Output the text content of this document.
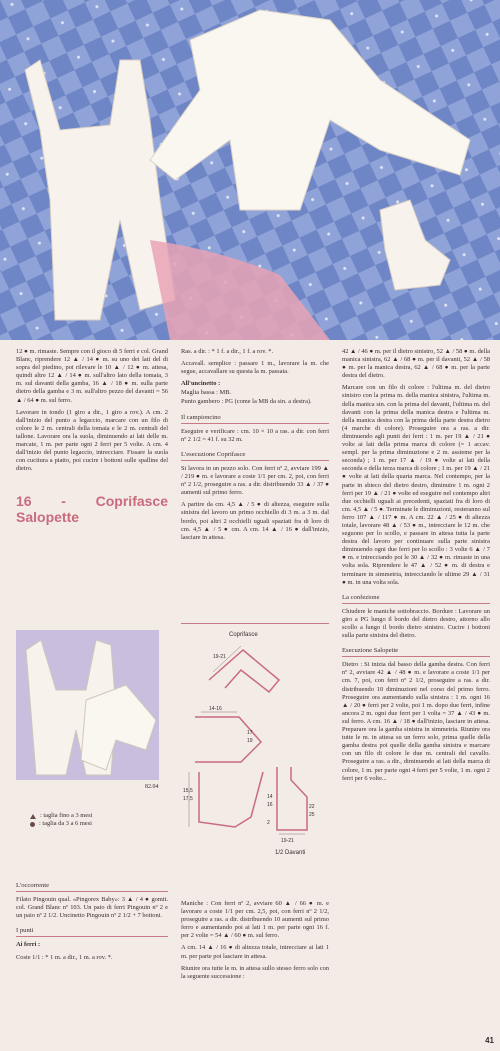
12 ● m. rimaste. Sempre con il gioco di 5 ferri e col. Grand Blanc, riprendere 12 ▲ / 14 ● m. su uno dei lati del di sopra del piedino, poi rilevare le 10 ▲ / 12 ● m. attesa, quindi altre 12 ▲ / 14 ● m. sull'altro lato della tomaia, 3 m. sul davanti della gamba, 16 ▲ / 18 ● m. sulla parte dietro della gamba e 3 m. sull'altro pezzo del davanti = 56 ▲ / 64 ● m. sul ferro.

Lavorare in tondo (1 giro a dir., 1 giro a rov.). A cm. 2 dall'inizio del punto a legaccio, marcare con un filo di colore le 2 m. centrali della tomaia e le 2 m. centrali del tallone. Lavorare ora la suola, diminuendo ai lati delle m. marcate, 1 m. per parte ogni 2 ferri per 5 volte. A cm. 4 dall'inizio del punto legaccio, intrecciare. Fissare la suola con cucitura a piatto, poi cucire i bottoni sulle spalline del dietro.

16 - Coprifasce Salopette
82.04
: taglia fino a 3 mesi
: taglia da 3 a 6 mesi
L'occorrente

Filato Pingouin qual. «Pingorex Baby»: 3 ▲ / 4 ● gomit. col. Grand Blanc nº 103. Un paio di ferri Pingouin nº 2 e un paio nº 2 1/2. Uncinetto Pingouin nº 2 1/2 + 7 bottoni.

I punti

Ai ferri :

Coste 1/1 : * 1 m. a dir., 1 m. a rov. *.

Ras. a dir. : * 1 f. a dir., 1 f. a rov. *.

Accavall. semplice : passare 1 m., lavorare la m. che segue, accavallare su questa la m. passata.

All'uncinetto :

Maglia bassa : MB.

Punto gambero : PG (come la MB da sin. a destra).

Il campioncino

Eseguire e verificare : cm. 10 × 10 a ras. a dir. con ferri nº 2 1/2 = 41 f. su 32 m.

L'esecuzione Coprifasce

Si lavora in un pezzo solo. Con ferri nº 2, avviare 199 ▲ / 219 ● m. e lavorare a coste 1/1 per cm. 2, poi, con ferri nº 2 1/2, proseguire a ras. a dir. distribuendo 33 ▲ / 37 ● aumenti sul primo ferro.

A partire da cm. 4,5 ▲ / 5 ● di altezza, eseguire sulla sinistra del lavoro un primo occhiello di 3 m. a 3 m. dal bordo, poi altri 2 occhielli uguali spaziati fra di loro di cm. 4,5 ▲ / 5 ● cm. A cm. 14 ▲ / 16 ● dall'inizio, lasciare in attesa.

Coprifasce
19-21
14-16
17
19
15,5
17,5
22
25
14
16
2
19-21
1/2 Davanti

Maniche : Con ferri nº 2, avviare 60 ▲ / 66 ● m. e lavorare a coste 1/1 per cm. 2,5, poi, con ferri nº 2 1/2, proseguire a ras. a dir. distribuendo 10 aumenti sul primo ferro e aumentando poi ai lati 1 m. per parte ogni 16 f. per 2 volte = 54 ▲ / 60 ● m. sul ferro.

A cm. 14 ▲ / 16 ● di altezza totale, intrecciare ai lati 1 m. per parte poi lasciare in attesa.

Riunire ora tutte le m. in attesa sullo stesso ferro solo con la seguente successione :

42 ▲ / 46 ● m. per il dietro sinistro, 52 ▲ / 58 ● m. della manica sinistra, 62 ▲ / 68 ● m. per il davanti, 52 ▲ / 58 ● m. per la manica destra, 62 ▲ / 68 ● m. per la parte destra del dietro.

Marcare con un filo di colore : l'ultima m. del dietro sinistro con la prima m. della manica sinistra, l'ultima m. della manica sin. con la prima del davanti, l'ultima m. del davanti con la prima della manica destra e l'ultima m. della manica destra con la prima della parte destra dietro (4 marche di colore). Proseguire ora a ras. a dir. diminuendo agli punti dei ferri : 1 m. per 19 ▲ / 21 ● volte ai lati della prima marca di colore (= 1 accav. sempl. per la prima diminuzione e 2 m. assieme per la seconda) ; 1 m. per 17 ▲ / 19 ● volte ai lati della seconda e della terza marca di colore ; 1 m. per 19 ▲ / 21 ● volte ai lati della quarta marca. Nel contempo, per la parte in sbieco del dietro destro, diminuire 1 m. ogni 2 ferri per 19 ▲ / 21 ● volte ed eseguire nel contempo altri due occhielli uguali ai precedenti, spaziati fra di loro di cm. 4,5 ▲ / 5 ●. Terminate le diminuzioni, resteranno sul ferro 107 ▲ / 117 ● m. A cm. 22 ▲ / 25 ● di altezza totale, lavorare 48 ▲ / 53 ● m., intrecciare le 12 m. che seguono per lo scollo, e passare in attesa tutta la parte destra del lavoro per continuare sulla parte sinistra diminuendo ogni due ferri per lo scollo : 3 volte 6 ▲ / 7 ● m. e intrecciando poi le 30 ▲ / 32 ● m. rimaste in una volta sola. Riprendere le 47 ▲ / 52 ● m. di destra e terminare in simmetria, intrecciando le ultime 29 ▲ / 31 ● m. in una volta sola.

La confezione

Chiudere le maniche sottobraccio. Bordure : Lavorare un giro a PG lungo il bordo del dietro destro, attorno allo scollo a lungo il bordo dietro sinistro. Cucire i bottoni sulla parte sinistra del dietro.

Esecuzione Salopette

Dietro : Si inizia dal basso della gamba destra. Con ferri nº 2, avviare 42 ▲ / 48 ● m. e lavorare a coste 1/1 per cm. 7, poi, con ferri nº 2 1/2, proseguire a ras. a dir. distribuendo 10 diminuzioni nel corso del primo ferro. Proseguire ora aumentando sulla sinistra : 1 m. ogni 16 ▲ / 20 ● ferri per 2 volte, poi 1 m. dopo due ferri, infine ancora 2 m. ogni due ferri per 1 volta = 37 ▲ / 43 ● m. sul ferro. A cm. 16 ▲ / 18 ● dall'inizio, lasciare in attesa. Preparare ora la gamba sinistra in simmetria. Riunire ora tutte le m. in attesa su un ferro solo, prima quelle della gamba destra poi quelle della gamba sinistra e marcare con un filo di colore le due m. centrali del cavallo. Proseguire a ras. a dir., diminuendo ai lati della marca di colore, 1 m. per parte ogni 4 ferri per 5 volte, 1 m. ogni 2 ferri per 6 volte...

41
